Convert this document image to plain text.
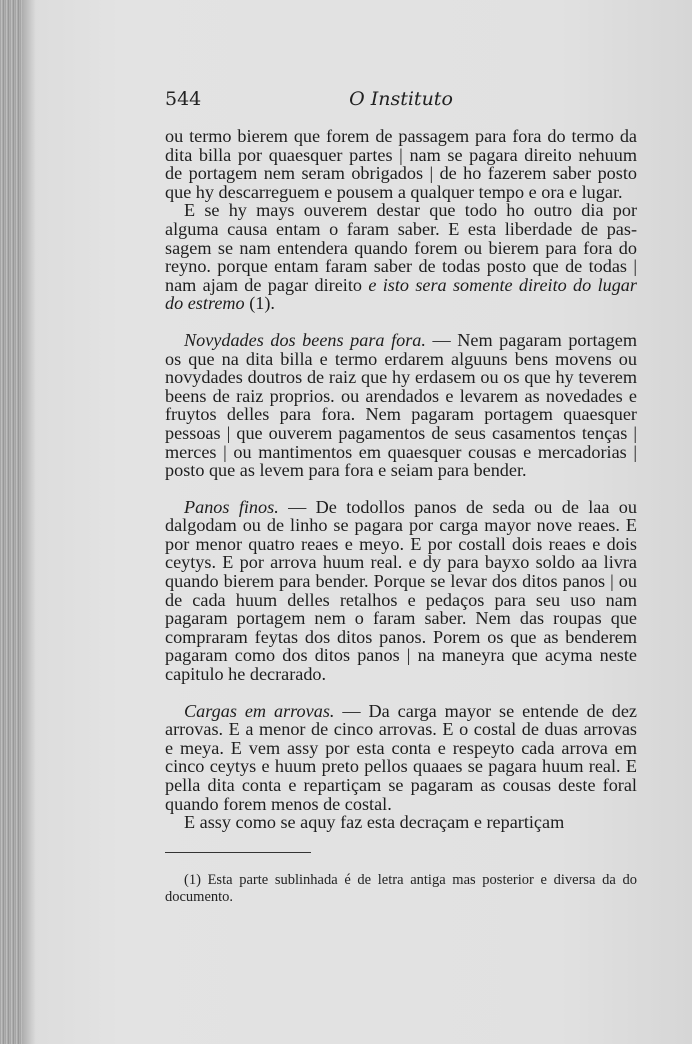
544	O Instituto

ou termo bierem que forem de passagem para fora do termo da dita billa por quaesquer partes | nam se pagara direito nehuum de portagem nem seram obrigados | de ho fazerem saber posto que hy descarreguem e pousem a qualquer tempo e ora e lugar.

E se hy mays ouverem destar que todo ho outro dia por alguma causa entam o faram saber. E esta liberdade de passagem se nam entendera quando forem ou bierem para fora do reyno. porque entam faram saber de todas posto que de todas | nam ajam de pagar direito e isto sera somente direito do lugar do estremo (1).

Novydades dos beens para fora. — Nem pagaram portagem os que na dita billa e termo erdarem alguuns bens movens ou novydades doutros de raiz que hy erdasem ou os que hy teverem beens de raiz proprios. ou arendados e levarem as novedades e fruytos delles para fora. Nem pagaram portagem quaesquer pessoas | que ouverem pagamentos de seus casamentos tenças | merces | ou mantimentos em quaesquer cousas e mercadorias | posto que as levem para fora e seiam para bender.

Panos finos. — De todollos panos de seda ou de laa ou dalgodam ou de linho se pagara por carga mayor nove reaes. E por menor quatro reaes e meyo. E por costall dois reaes e dois ceytys. E por arrova huum real. e dy para bayxo soldo aa livra quando bierem para bender. Porque se levar dos ditos panos | ou de cada huum delles retalhos e pedaços para seu uso nam pagaram portagem nem o faram saber. Nem das roupas que compraram feytas dos ditos panos. Porem os que as benderem pagaram como dos ditos panos | na maneyra que acyma neste capitulo he decrarado.

Cargas em arrovas. — Da carga mayor se entende de dez arrovas. E a menor de cinco arrovas. E o costal de duas arrovas e meya. E vem assy por esta conta e respeyto cada arrova em cinco ceytys e huum preto pellos quaaes se pagara huum real. E pella dita conta e repartiçam se pagaram as cousas deste foral quando forem menos de costal.

E assy como se aquy faz esta decraçam e repartiçam

(1) Esta parte sublinhada é de letra antiga mas posterior e diversa da do documento.
